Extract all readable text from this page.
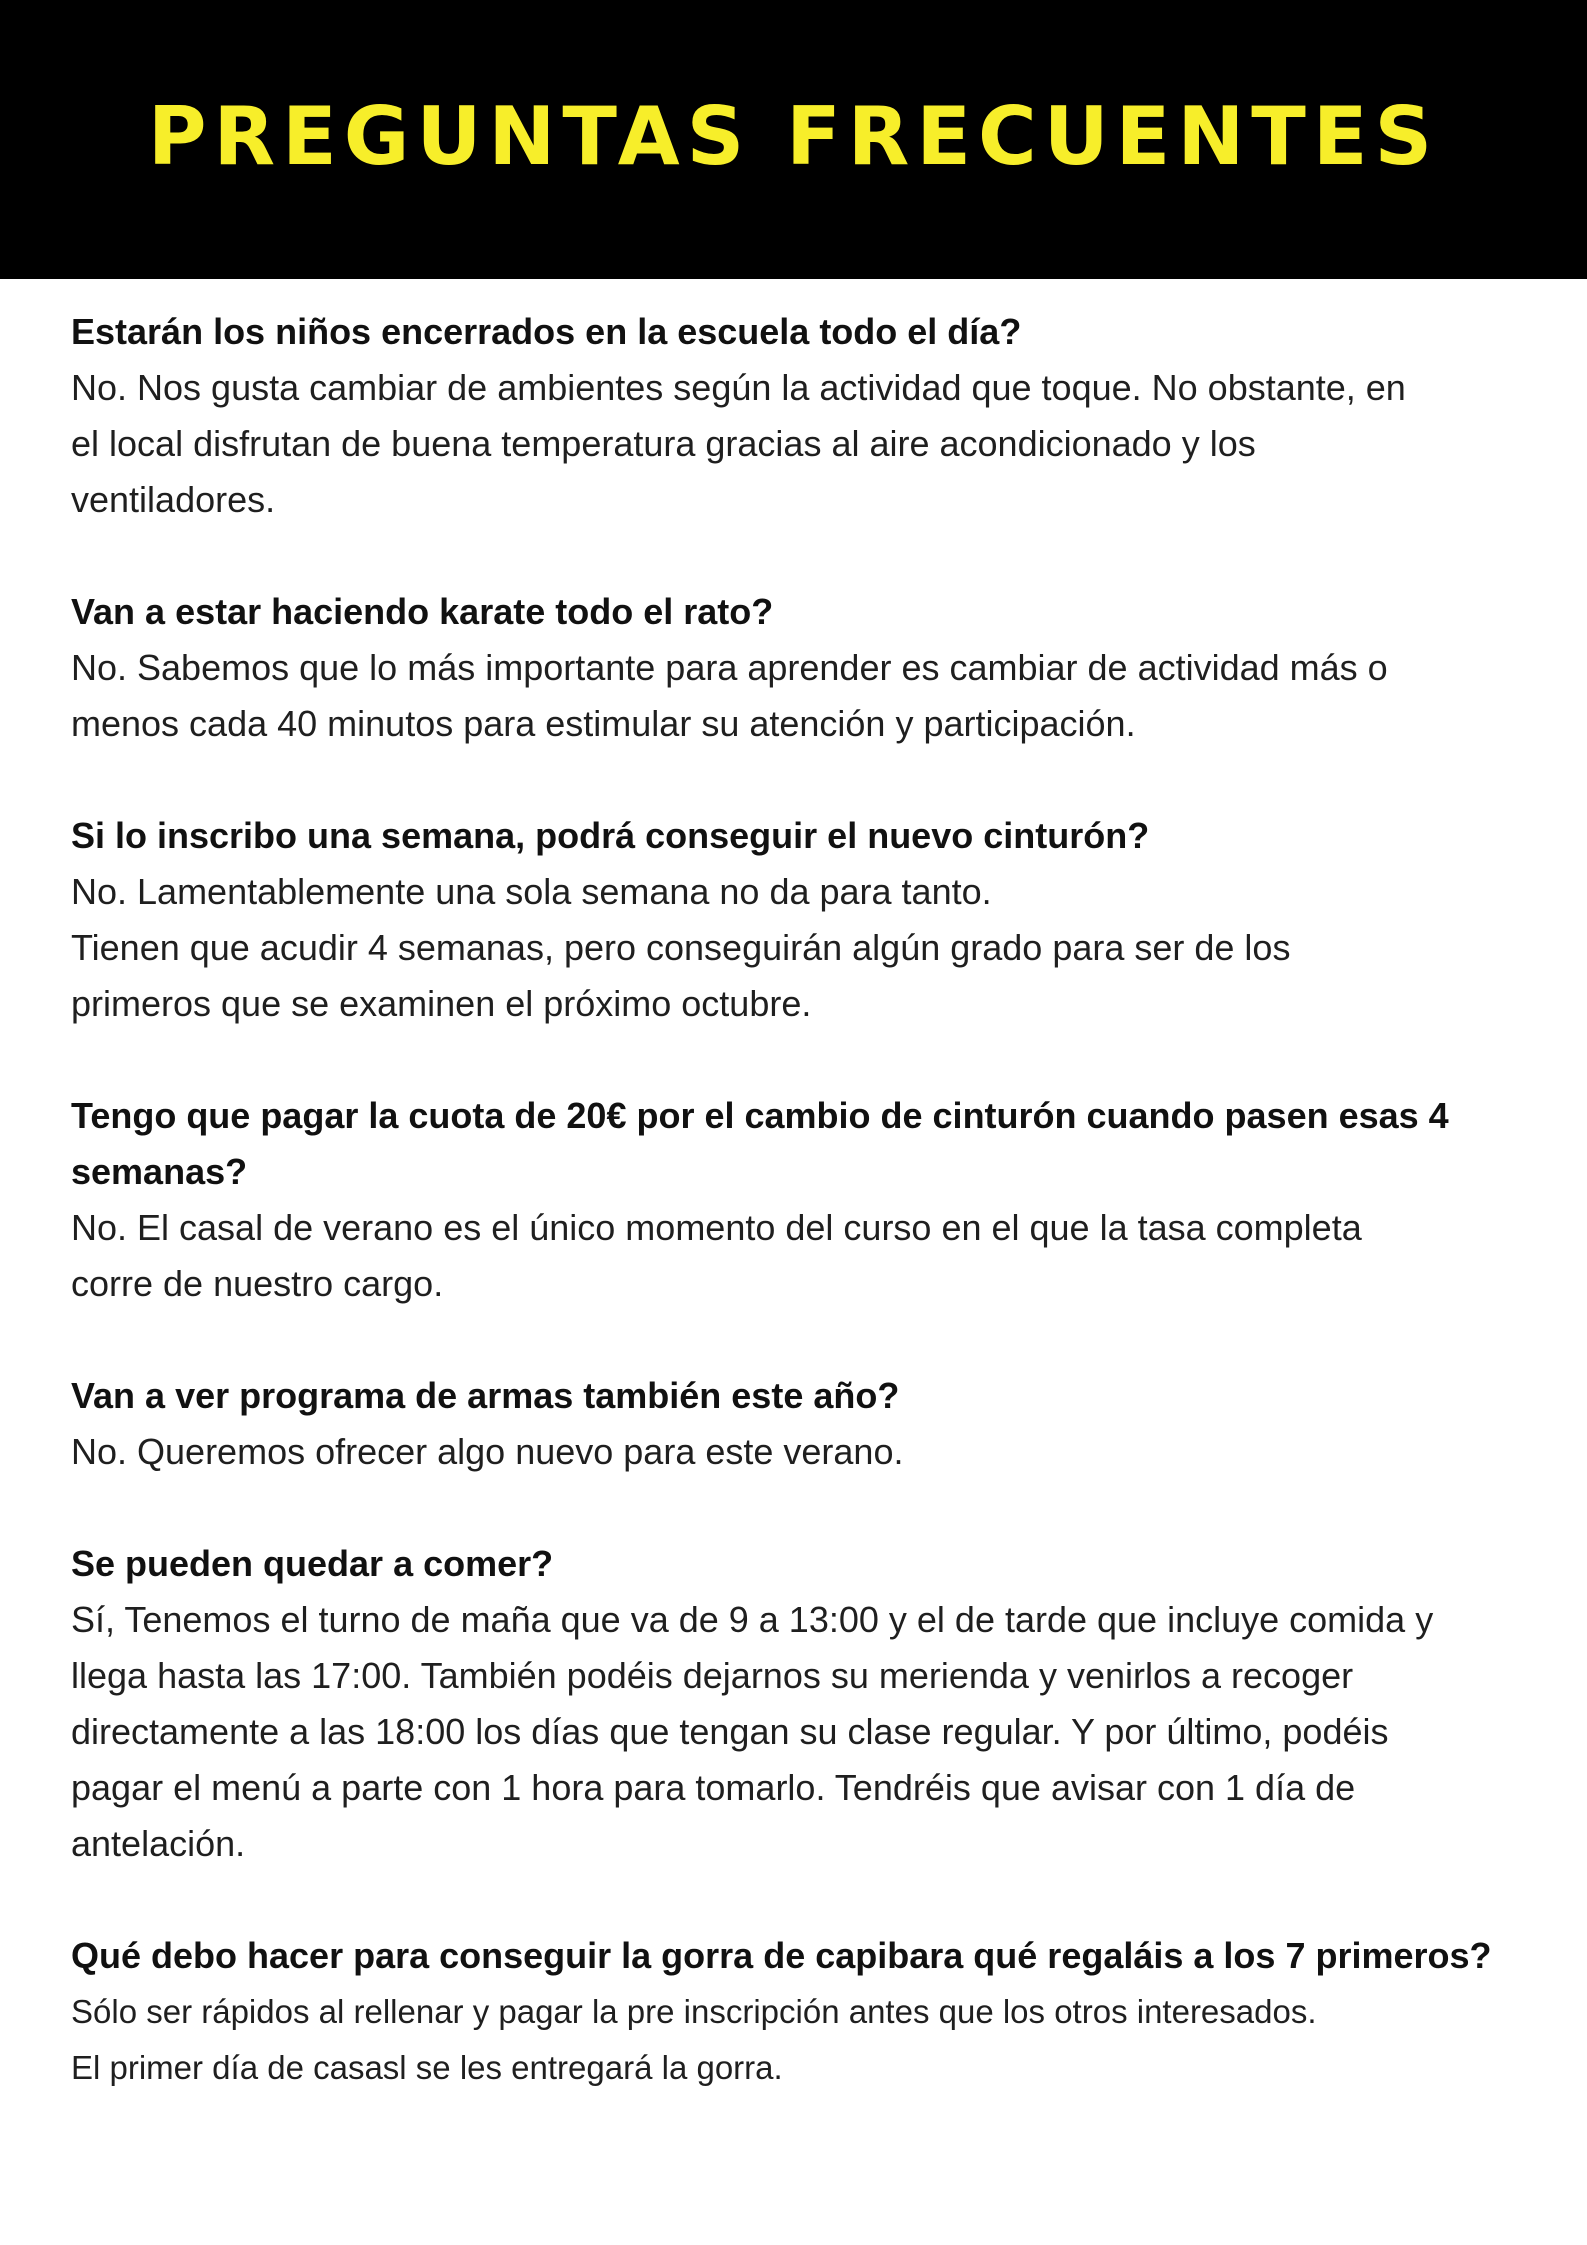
PREGUNTAS FRECUENTES

Estarán los niños encerrados en la escuela todo el día?

No. Nos gusta cambiar de ambientes según la actividad que toque. No obstante, en

el local disfrutan de buena temperatura gracias al aire acondicionado y los

ventiladores.

Van a estar haciendo karate todo el rato?

No. Sabemos que lo más importante para aprender es cambiar de actividad más o

menos cada 40 minutos para estimular su atención y participación.

Si lo inscribo una semana, podrá conseguir el nuevo cinturón?

No. Lamentablemente una sola semana no da para tanto.

Tienen que acudir 4 semanas, pero conseguirán algún grado para ser de los

primeros que se examinen el próximo octubre.

Tengo que pagar la cuota de 20€ por el cambio de cinturón cuando pasen esas 4 semanas?

No. El casal de verano es el único momento del curso en el que la tasa completa

corre de nuestro cargo.

Van a ver programa de armas también este año?

No. Queremos ofrecer algo nuevo para este verano.

Se pueden quedar a comer?

Sí, Tenemos el turno de maña que va de 9 a 13:00 y el de tarde que incluye comida y

llega hasta las 17:00. También podéis dejarnos su merienda y venirlos a recoger

directamente a las 18:00 los días que tengan su clase regular. Y por último, podéis

pagar el menú a parte con 1 hora para tomarlo. Tendréis que avisar con 1 día de

antelación.

Qué debo hacer para conseguir la gorra de capibara qué regaláis a los 7 primeros?

Sólo ser rápidos al rellenar y pagar la pre inscripción antes que los otros interesados.

El primer día de casasl se les entregará la gorra.
